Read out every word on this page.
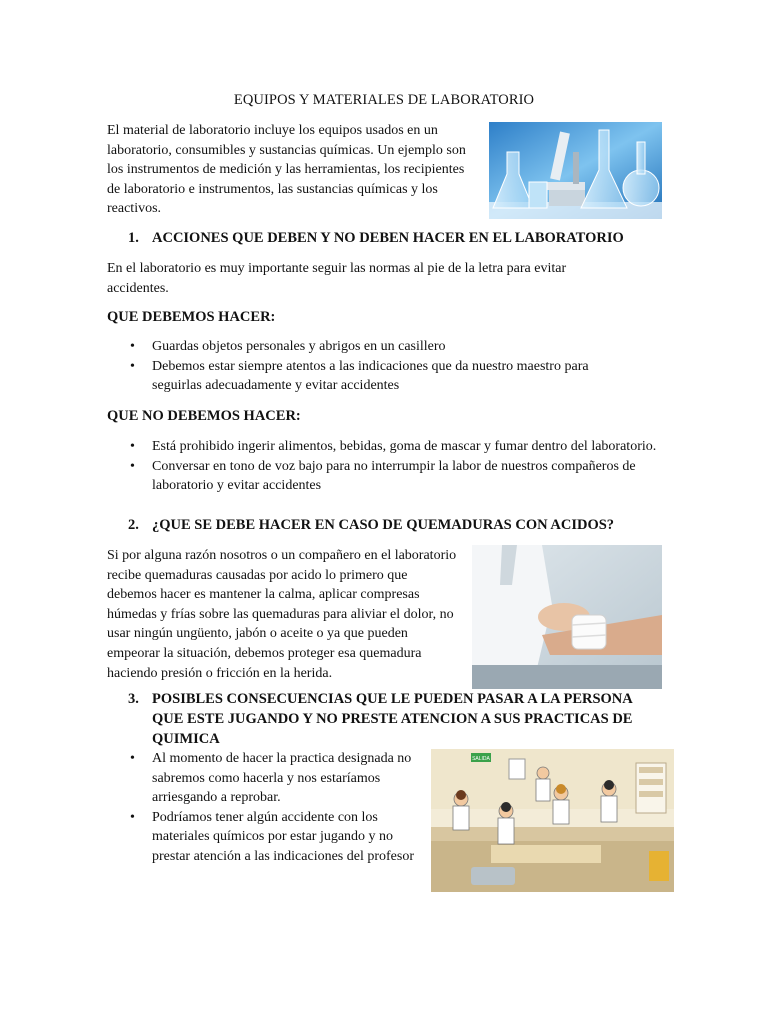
EQUIPOS Y MATERIALES DE LABORATORIO
El material de laboratorio incluye los equipos usados en un laboratorio, consumibles y sustancias químicas. Un ejemplo son los instrumentos de medición y las herramientas, los recipientes de laboratorio e instrumentos, las sustancias químicas y los reactivos.
1. ACCIONES QUE DEBEN Y NO DEBEN HACER EN EL LABORATORIO
En el laboratorio es muy importante seguir las normas al pie de la letra para evitar accidentes.
QUE DEBEMOS HACER:
• Guardas objetos personales y abrigos en un casillero
• Debemos estar siempre atentos a las indicaciones que da nuestro maestro para seguirlas adecuadamente y evitar accidentes
QUE NO DEBEMOS HACER:
• Está prohibido ingerir alimentos, bebidas, goma de mascar y fumar dentro del laboratorio.
• Conversar en tono de voz bajo para no interrumpir la labor de nuestros compañeros de laboratorio y evitar accidentes
2. ¿QUE SE DEBE HACER EN CASO DE QUEMADURAS CON ACIDOS?
Si por alguna razón nosotros o un compañero en el laboratorio recibe quemaduras causadas por acido lo primero que debemos hacer es mantener la calma, aplicar compresas húmedas y frías sobre las quemaduras para aliviar el dolor, no usar ningún ungüento, jabón o aceite o ya que pueden empeorar la situación, debemos proteger esa quemadura haciendo presión o fricción en la herida.
3. POSIBLES CONSECUENCIAS QUE LE PUEDEN PASAR A LA PERSONA QUE ESTE JUGANDO Y NO PRESTE ATENCION A SUS PRACTICAS DE QUIMICA
• Al momento de hacer la practica designada no sabremos como hacerla y nos estaríamos arriesgando a reprobar.
• Podríamos tener algún accidente con los materiales químicos por estar jugando y no prestar atención a las indicaciones del profesor
SALIDA
